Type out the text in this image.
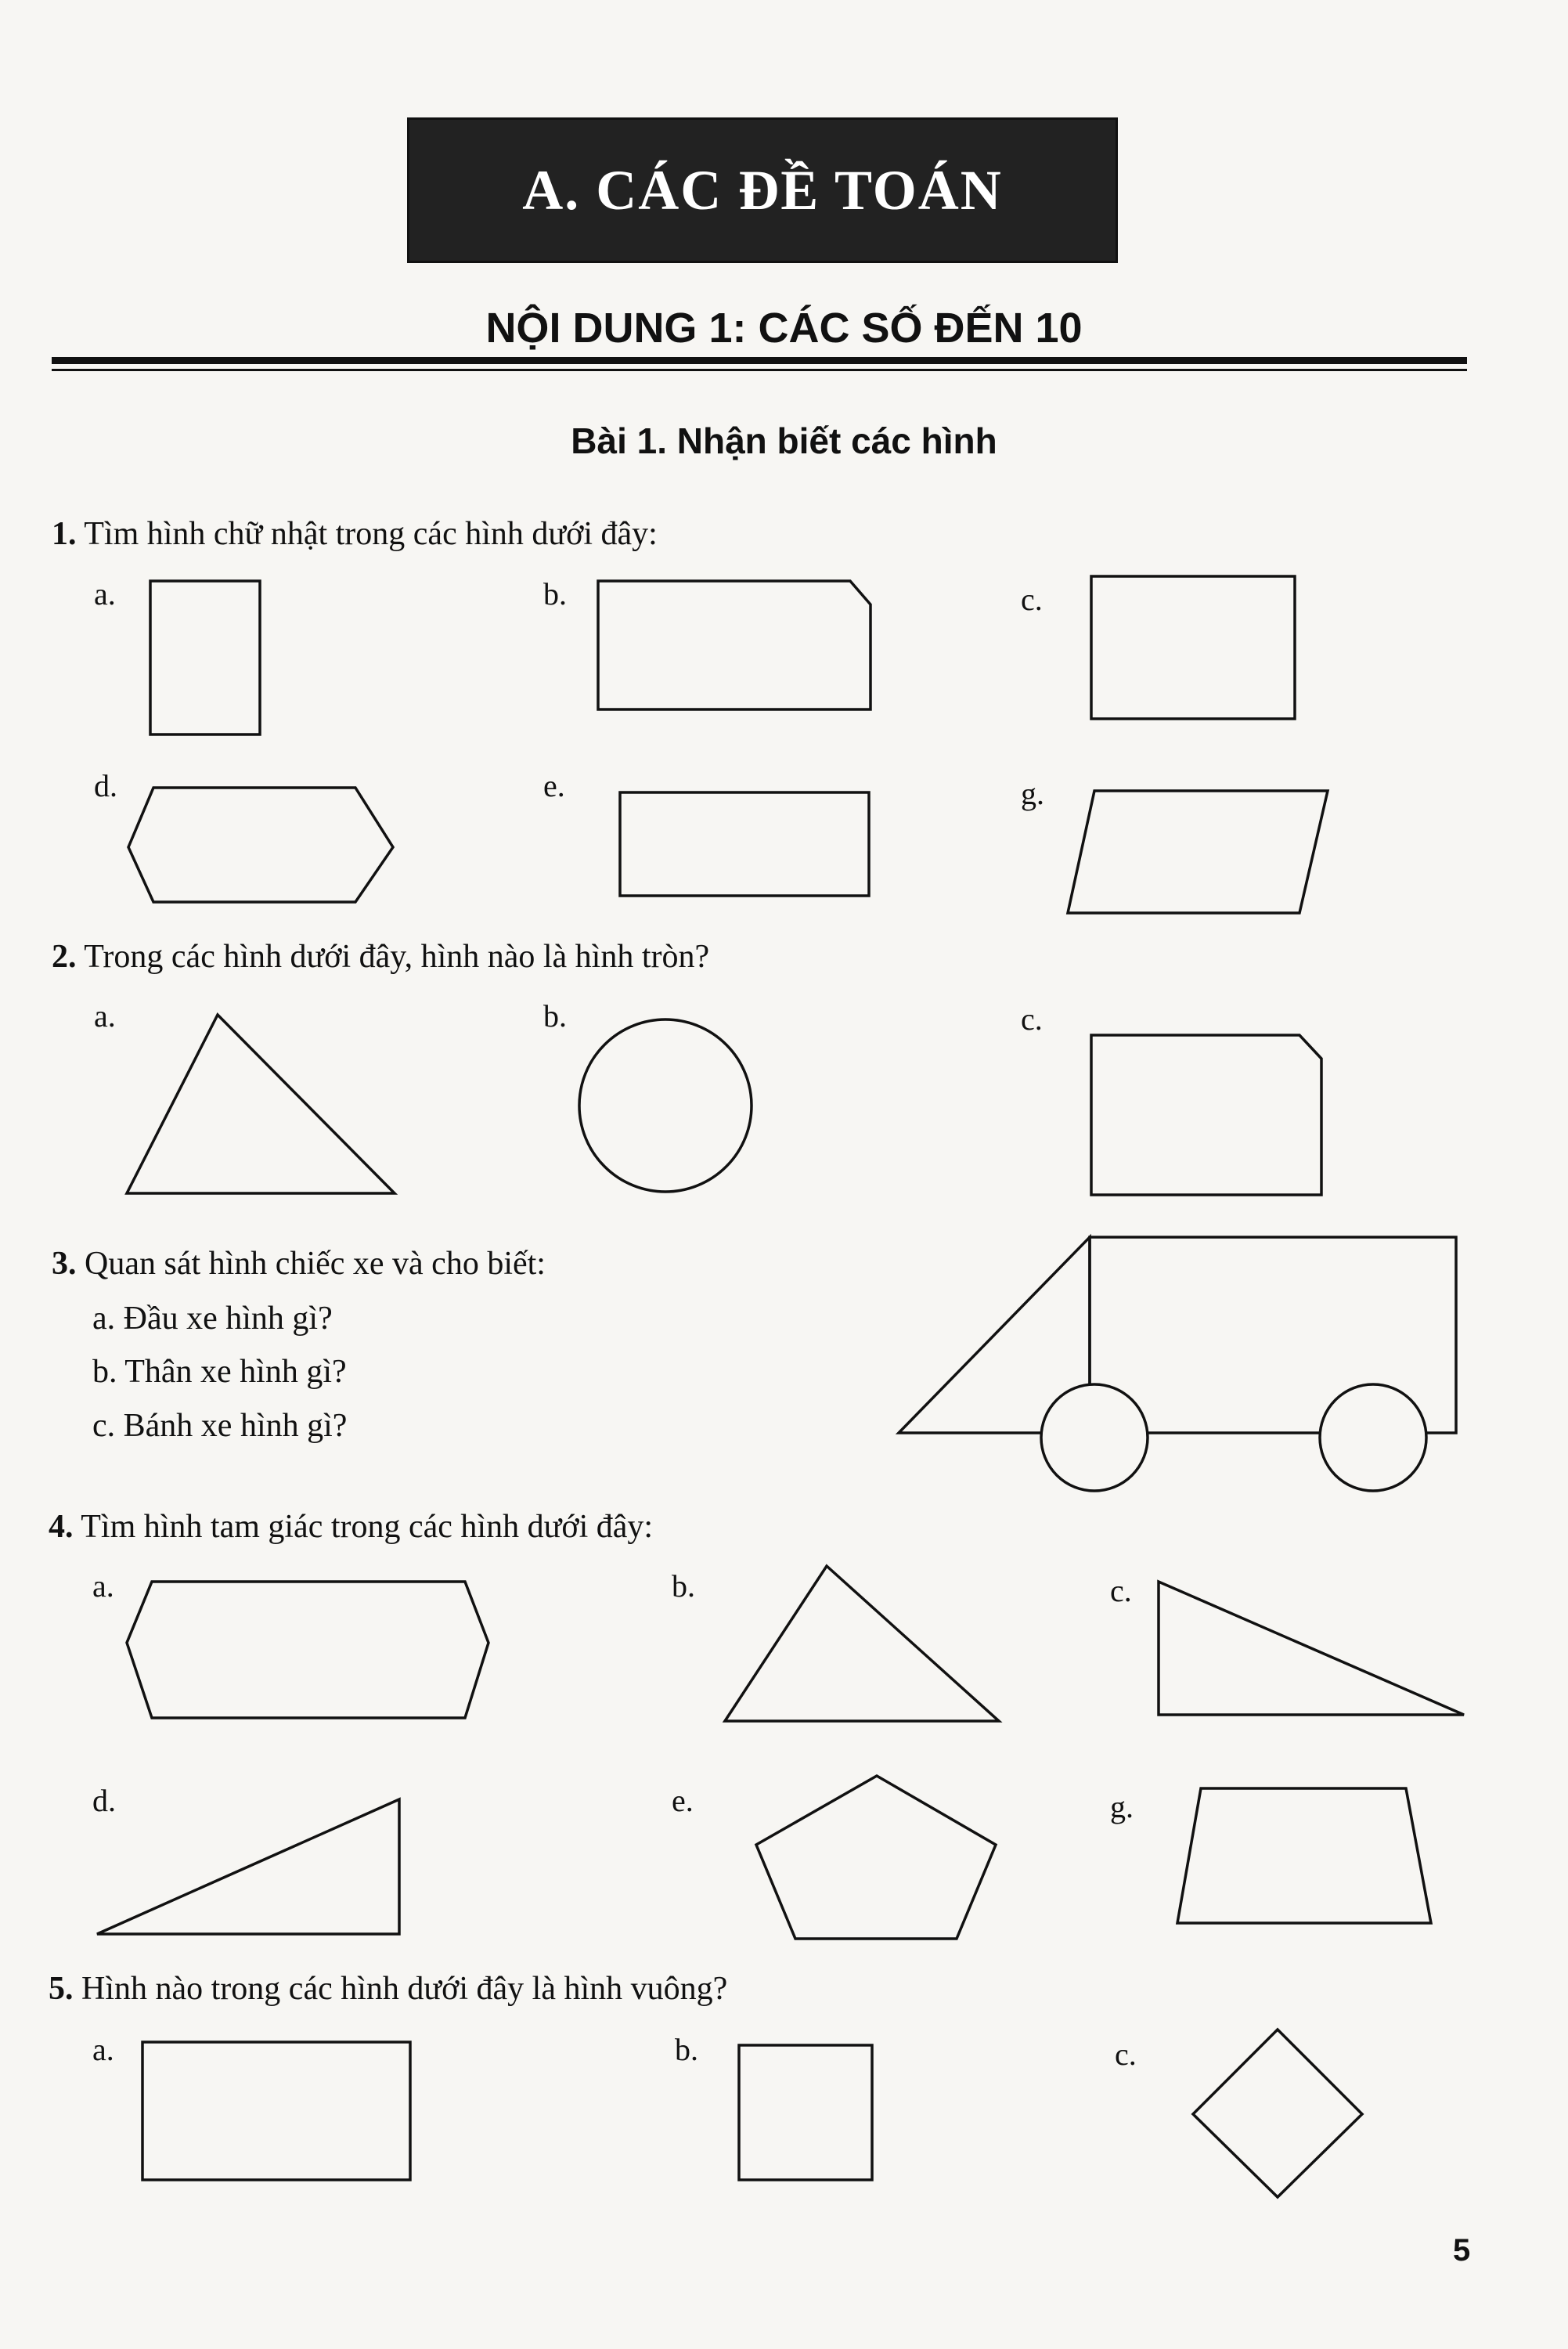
A. CÁC ĐỀ TOÁN
NỘI DUNG 1: CÁC SỐ ĐẾN 10
Bài 1. Nhận biết các hình
1. Tìm hình chữ nhật trong các hình dưới đây:
a.	b.	c.
d.	e.	g.
2. Trong các hình dưới đây, hình nào là hình tròn?
a.	b.	c.
3. Quan sát hình chiếc xe và cho biết:
a. Đầu xe hình gì?
b. Thân xe hình gì?
c. Bánh xe hình gì?
4. Tìm hình tam giác trong các hình dưới đây:
a.	b.	c.
d.	e.	g.
5. Hình nào trong các hình dưới đây là hình vuông?
a.	b.	c.
5
